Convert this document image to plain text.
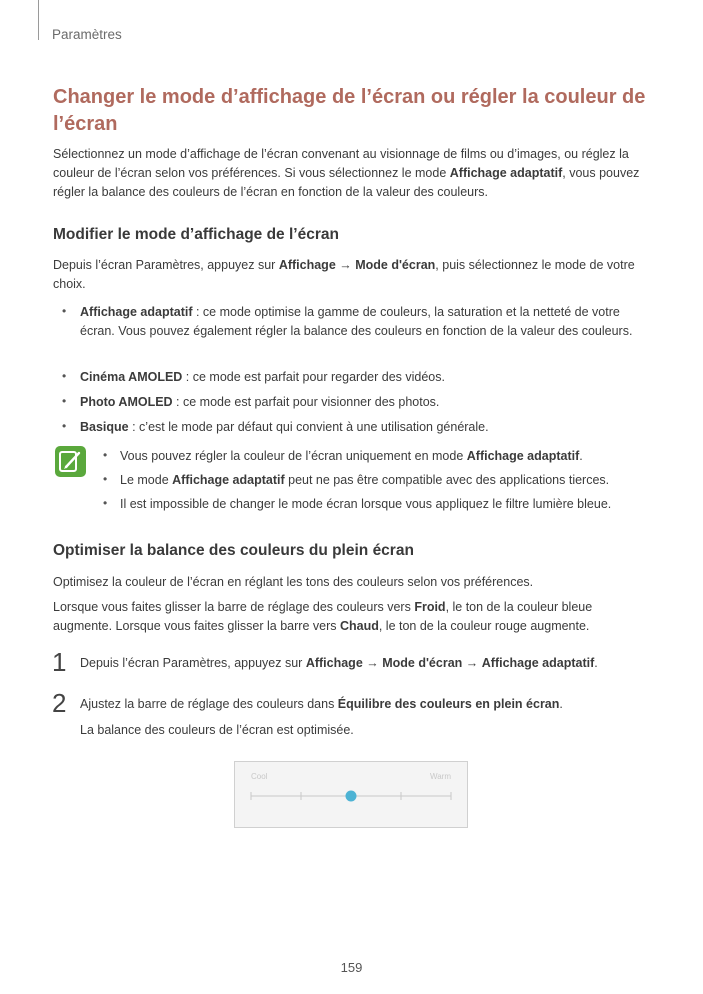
Paramètres
Changer le mode d’affichage de l’écran ou régler la couleur de l’écran

Sélectionnez un mode d’affichage de l’écran convenant au visionnage de films ou d’images, ou réglez la couleur de l’écran selon vos préférences. Si vous sélectionnez le mode Affichage adaptatif, vous pouvez régler la balance des couleurs de l’écran en fonction de la valeur des couleurs.

Modifier le mode d’affichage de l’écran

Depuis l’écran Paramètres, appuyez sur Affichage → Mode d'écran, puis sélectionnez le mode de votre choix.

• Affichage adaptatif : ce mode optimise la gamme de couleurs, la saturation et la netteté de votre écran. Vous pouvez également régler la balance des couleurs en fonction de la valeur des couleurs.

• Cinéma AMOLED : ce mode est parfait pour regarder des vidéos.

• Photo AMOLED : ce mode est parfait pour visionner des photos.

• Basique : c’est le mode par défaut qui convient à une utilisation générale.

• Vous pouvez régler la couleur de l’écran uniquement en mode Affichage adaptatif.

• Le mode Affichage adaptatif peut ne pas être compatible avec des applications tierces.

• Il est impossible de changer le mode écran lorsque vous appliquez le filtre lumière bleue.

Optimiser la balance des couleurs du plein écran

Optimisez la couleur de l’écran en réglant les tons des couleurs selon vos préférences.

Lorsque vous faites glisser la barre de réglage des couleurs vers Froid, le ton de la couleur bleue augmente. Lorsque vous faites glisser la barre vers Chaud, le ton de la couleur rouge augmente.

1 Depuis l’écran Paramètres, appuyez sur Affichage → Mode d'écran → Affichage adaptatif.

2 Ajustez la barre de réglage des couleurs dans Équilibre des couleurs en plein écran.

La balance des couleurs de l’écran est optimisée.

Cool	Warm
159
